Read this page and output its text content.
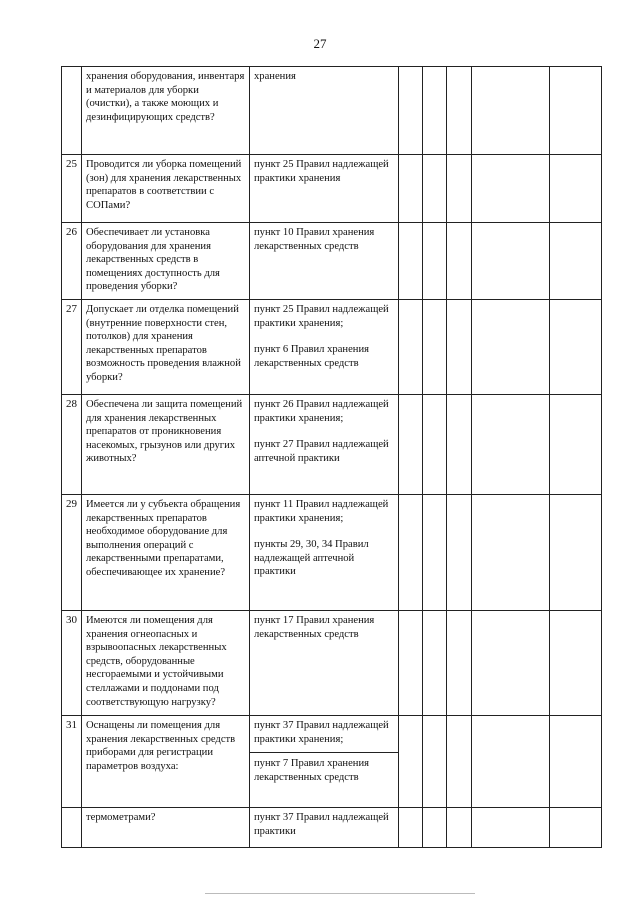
27
	хранения оборудования, инвентаря и материалов для уборки (очистки), а также моющих и дезинфицирующих средств?	хранения					

25	Проводится ли уборка помещений (зон) для хранения лекарственных препаратов в соответствии с СОПами?	пункт 25 Правил надлежащей практики хранения					

26	Обеспечивает ли установка оборудования для хранения лекарственных средств в помещениях доступность для проведения уборки?	пункт 10 Правил хранения лекарственных средств					

27	Допускает ли отделка помещений (внутренние поверхности стен, потолков) для хранения лекарственных препаратов возможность проведения влажной уборки?	пункт 25 Правил надлежащей практики хранения;
пункт 6 Правил хранения лекарственных средств					

28	Обеспечена ли защита помещений для хранения лекарственных препаратов от проникновения насекомых, грызунов или других животных?	пункт 26 Правил надлежащей практики хранения;
пункт 27 Правил надлежащей аптечной практики					

29	Имеется ли у субъекта обращения лекарственных препаратов необходимое оборудование для выполнения операций с лекарственными препаратами, обеспечивающее их хранение?	пункт 11 Правил надлежащей практики хранения;
пункты 29, 30, 34 Правил надлежащей аптечной практики					

30	Имеются ли помещения для хранения огнеопасных и взрывоопасных лекарственных средств, оборудованные несгораемыми и устойчивыми стеллажами и поддонами под соответствующую нагрузку?	пункт 17 Правил хранения лекарственных средств					

31	Оснащены ли помещения для хранения лекарственных средств приборами для регистрации параметров воздуха:	пункт 37 Правил надлежащей практики хранения;
пункт 7 Правил хранения лекарственных средств					

	термометрами?	пункт 37 Правил надлежащей практики					
